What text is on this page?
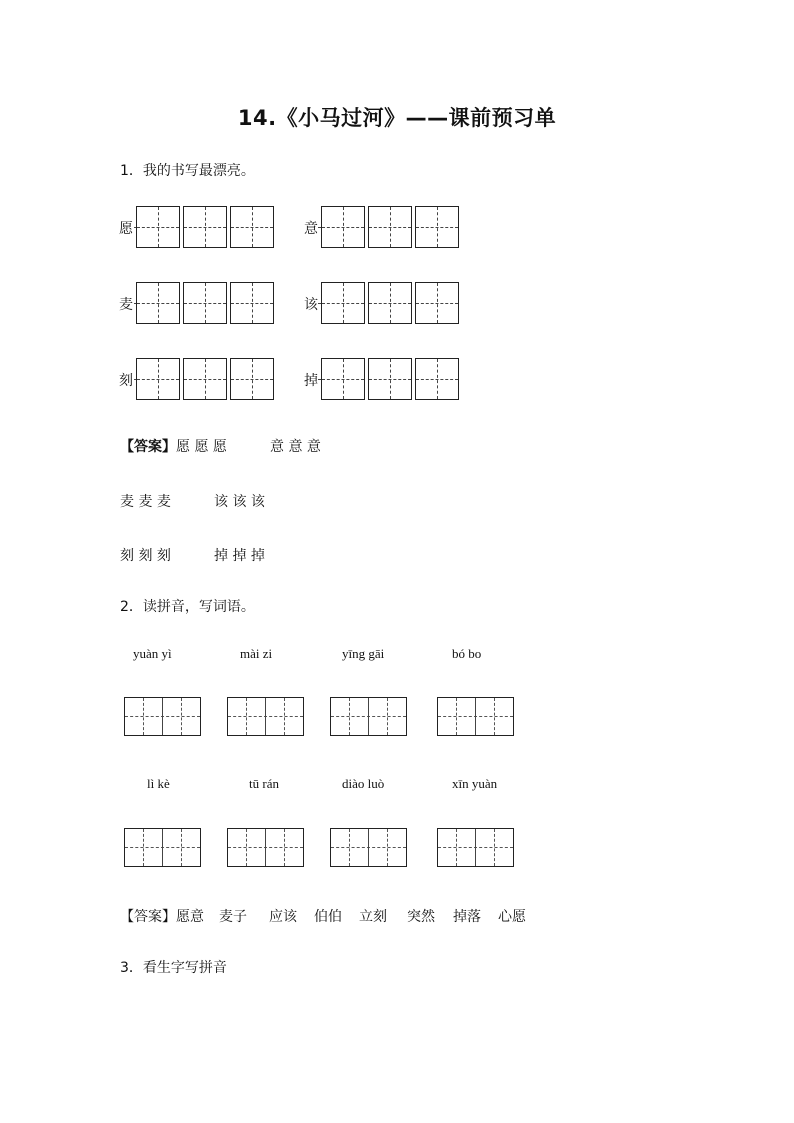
14.《小马过河》——课前预习单
1．我的书写最漂亮。
愿	意
麦	该
刻	掉
【答案】愿 愿 愿	意 意 意
麦 麦 麦	该 该 该
刻 刻 刻	掉 掉 掉
2．读拼音，写词语。
yuàn yì	mài zi	yīng gāi	bó bo
lì kè	tū rán	diào luò	xīn yuàn
【答案】 愿意 麦子 应该 伯伯 立刻 突然 掉落 心愿
3．看生字写拼音
